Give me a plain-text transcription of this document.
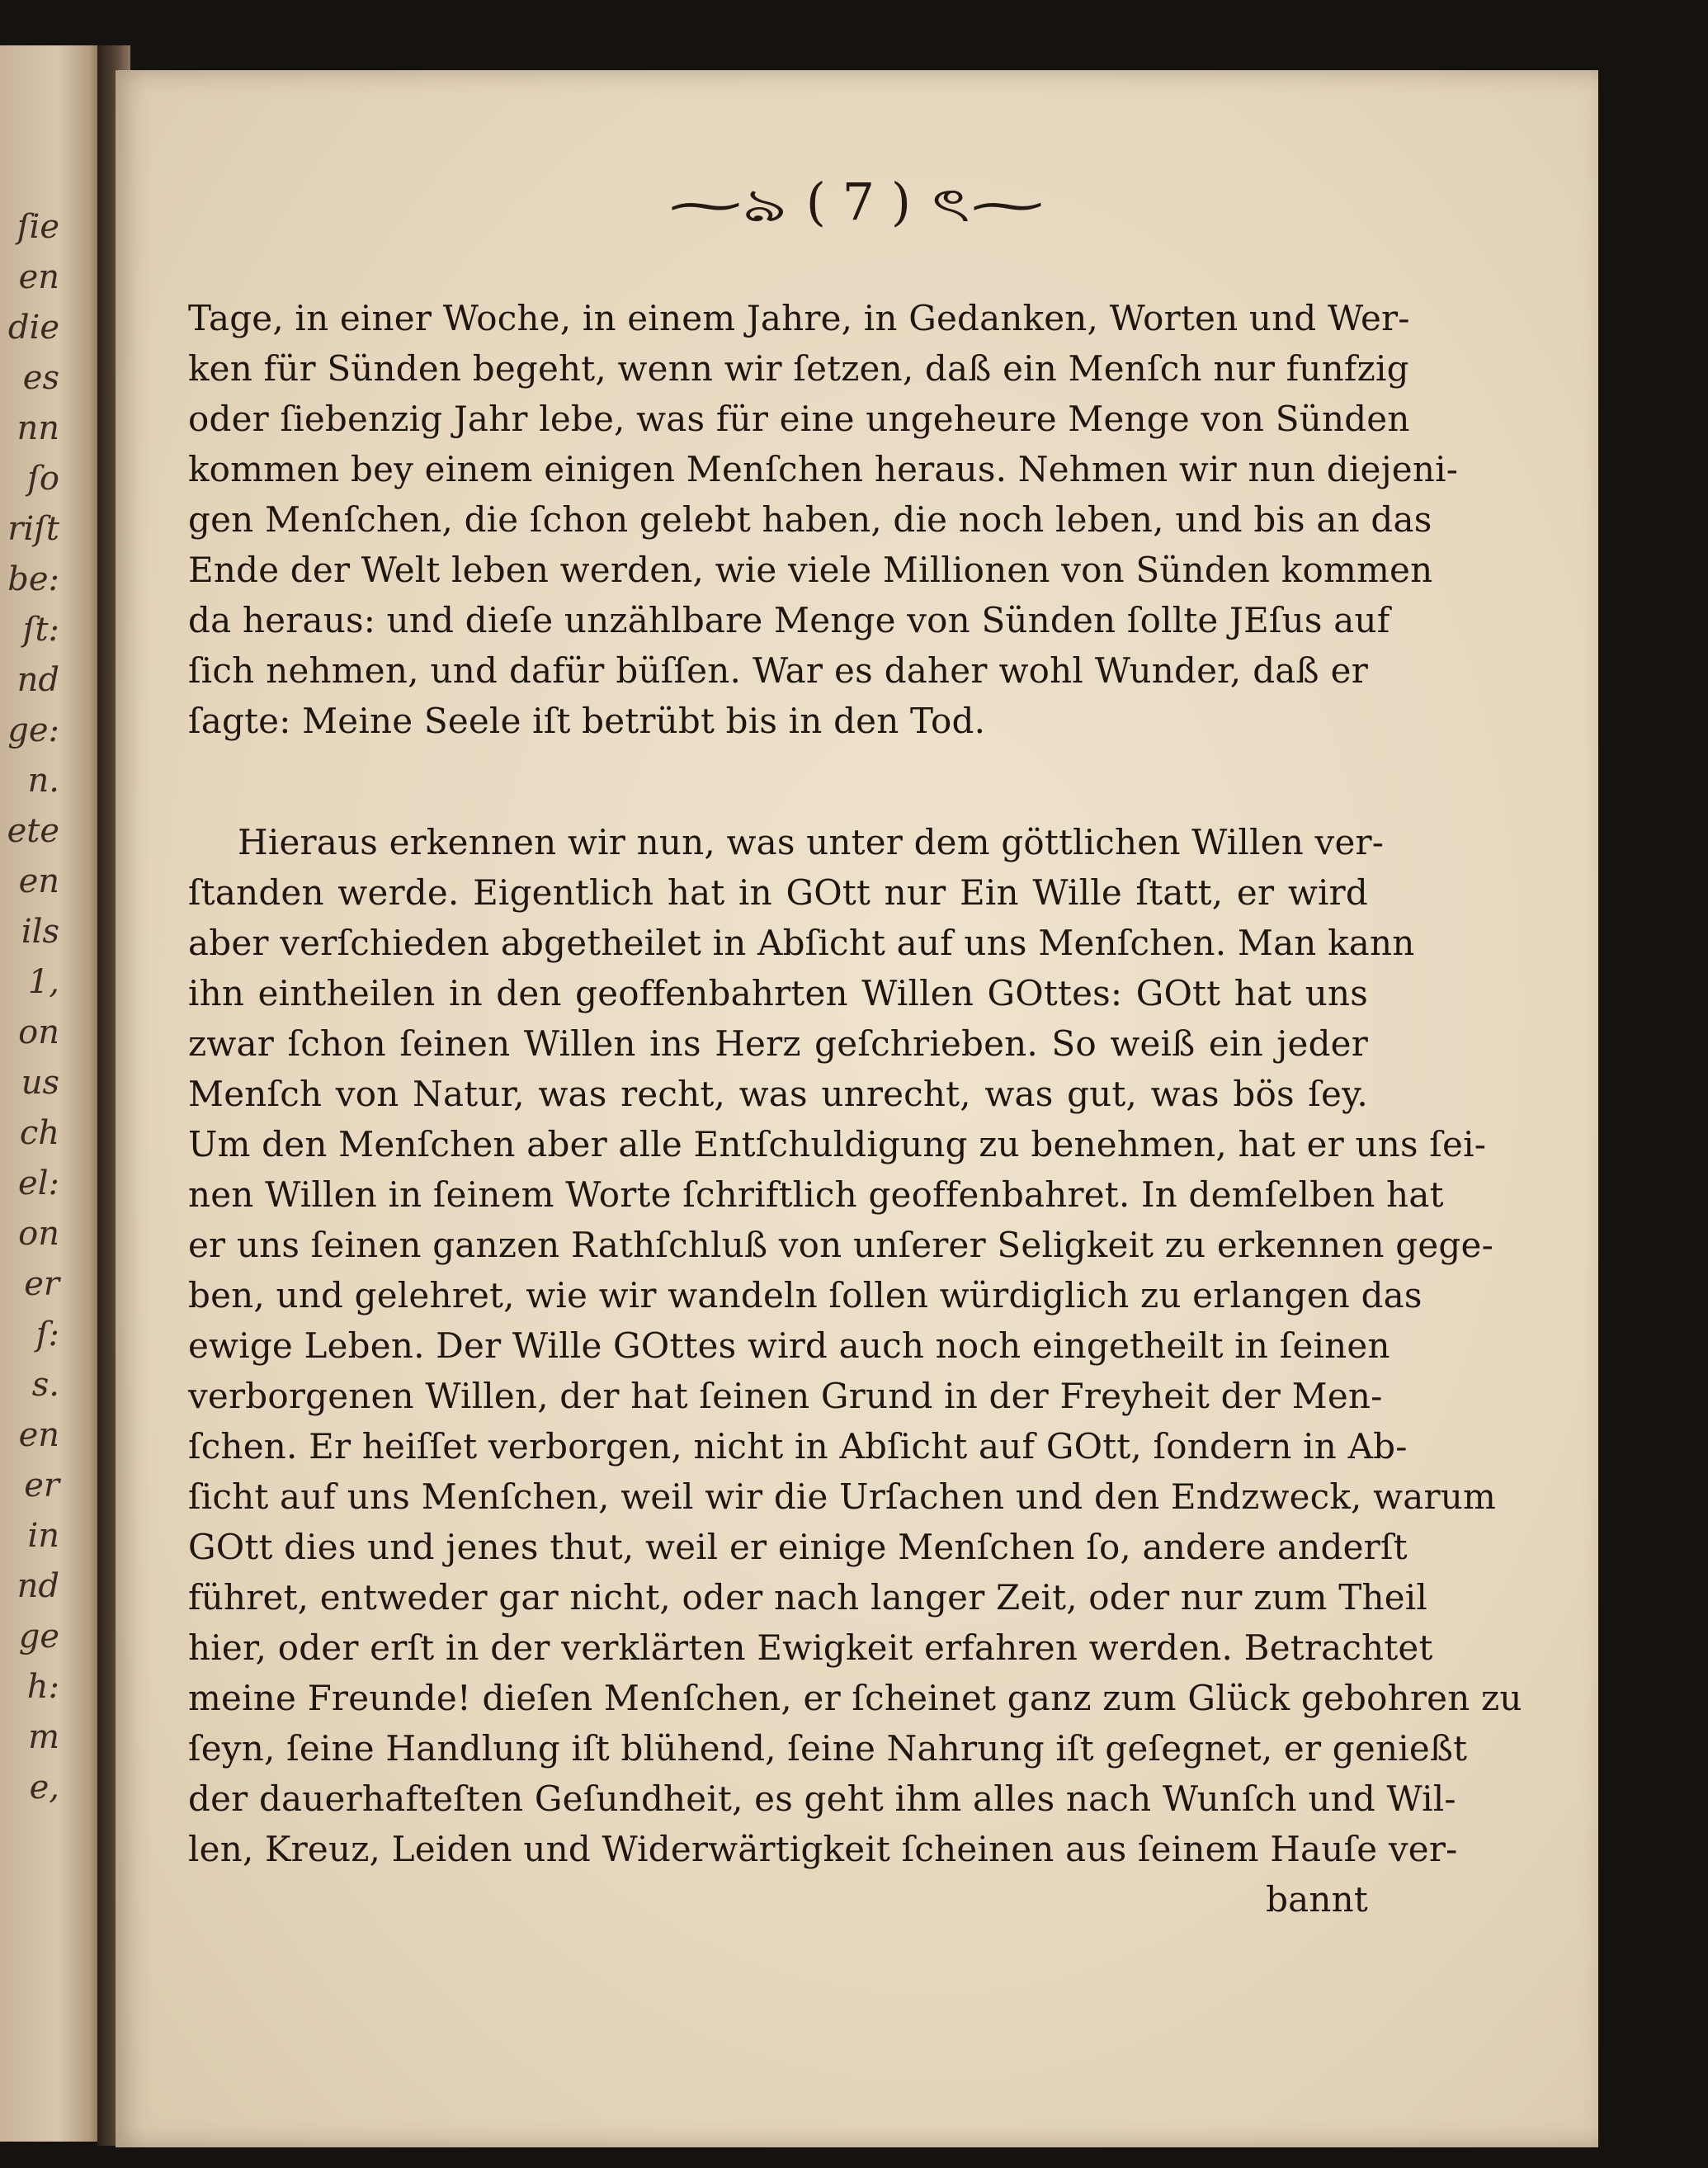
ſie
en
die
es
nn
ſo
riſt
be:
ſt:
nd
ge:
n.
ete
en
ils
1,
on
us
ch
el:
on
er
ſ:
s.
en
er
in
nd
ge
h:
m
e,
⁓ঌ ( 7 ) ৎ⁓
Tage, in einer Woche, in einem Jahre, in Gedanken, Worten und Wer-
ken für Sünden begeht, wenn wir ſetzen, daß ein Menſch nur funfzig
oder ſiebenzig Jahr lebe, was für eine ungeheure Menge von Sünden
kommen bey einem einigen Menſchen heraus. Nehmen wir nun diejeni-
gen Menſchen, die ſchon gelebt haben, die noch leben, und bis an das
Ende der Welt leben werden, wie viele Millionen von Sünden kommen
da heraus: und dieſe unzählbare Menge von Sünden ſollte JEſus auf
ſich nehmen, und dafür büſſen. War es daher wohl Wunder, daß er
ſagte: Meine Seele iſt betrübt bis in den Tod.
Hieraus erkennen wir nun, was unter dem göttlichen Willen ver-
ſtanden werde. Eigentlich hat in GOtt nur Ein Wille ſtatt, er wird
aber verſchieden abgetheilet in Abſicht auf uns Menſchen. Man kann
ihn eintheilen in den geoffenbahrten Willen GOttes: GOtt hat uns
zwar ſchon ſeinen Willen ins Herz geſchrieben. So weiß ein jeder
Menſch von Natur, was recht, was unrecht, was gut, was bös ſey.
Um den Menſchen aber alle Entſchuldigung zu benehmen, hat er uns ſei-
nen Willen in ſeinem Worte ſchriftlich geoffenbahret. In demſelben hat
er uns ſeinen ganzen Rathſchluß von unſerer Seligkeit zu erkennen gege-
ben, und gelehret, wie wir wandeln ſollen würdiglich zu erlangen das
ewige Leben. Der Wille GOttes wird auch noch eingetheilt in ſeinen
verborgenen Willen, der hat ſeinen Grund in der Freyheit der Men-
ſchen. Er heiſſet verborgen, nicht in Abſicht auf GOtt, ſondern in Ab-
ſicht auf uns Menſchen, weil wir die Urſachen und den Endzweck, warum
GOtt dies und jenes thut, weil er einige Menſchen ſo, andere anderſt
führet, entweder gar nicht, oder nach langer Zeit, oder nur zum Theil
hier, oder erſt in der verklärten Ewigkeit erfahren werden. Betrachtet
meine Freunde! dieſen Menſchen, er ſcheinet ganz zum Glück gebohren zu
ſeyn, ſeine Handlung iſt blühend, ſeine Nahrung iſt geſegnet, er genießt
der dauerhafteſten Geſundheit, es geht ihm alles nach Wunſch und Wil-
len, Kreuz, Leiden und Widerwärtigkeit ſcheinen aus ſeinem Hauſe ver-
bannt
